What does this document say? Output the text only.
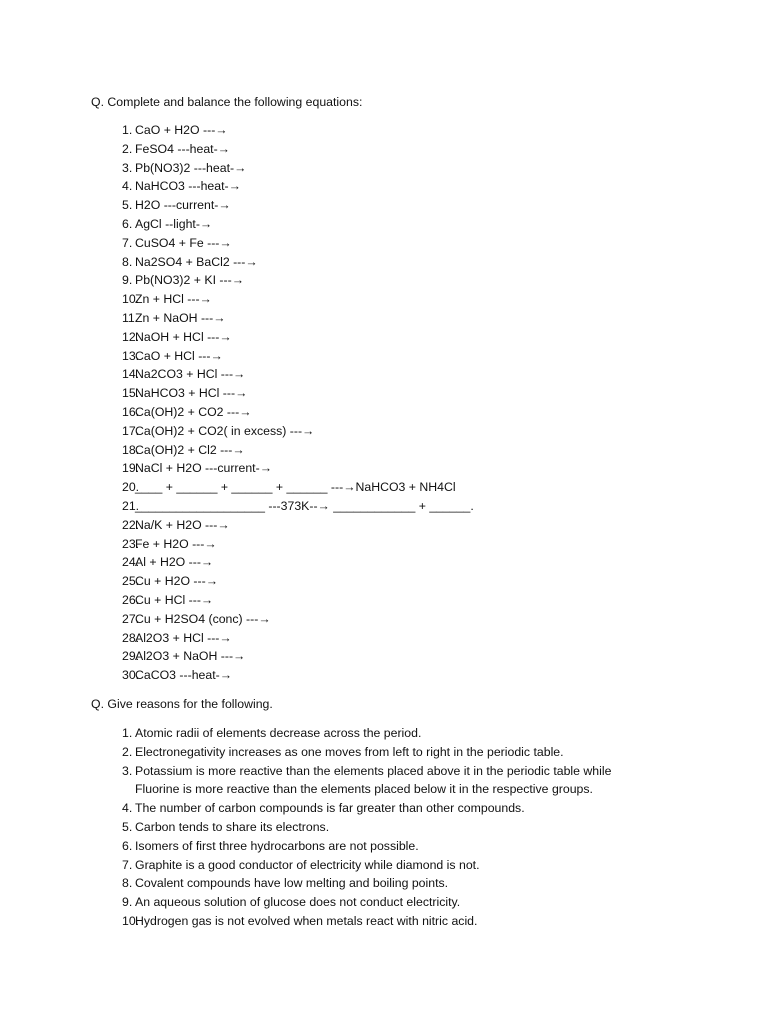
Q. Complete and balance the following equations:

1. CaO + H2O ---→
2. FeSO4 ---heat-→
3. Pb(NO3)2 ---heat-→
4. NaHCO3 ---heat-→
5. H2O ---current-→
6. AgCl --light-→
7. CuSO4 + Fe ---→
8. Na2SO4 + BaCl2 ---→
9. Pb(NO3)2 + KI ---→
10.
Zn + HCl ---→
11.
Zn + NaOH ---→
12.
NaOH + HCl ---→
13.
CaO + HCl ---→
14.
Na2CO3 + HCl ---→
15.
NaHCO3 + HCl ---→
16.
Ca(OH)2 + CO2 ---→
17.
Ca(OH)2 + CO2( in excess) ---→
18.
Ca(OH)2 + Cl2 ---→
19.
NaCl + H2O ---current-→
20.
____ + ______ + ______ + ______ ---→NaHCO3 + NH4Cl
21.
___________________ ---373K--→ ____________ + ______.
22.
Na/K + H2O ---→
23.
Fe + H2O ---→
24.
Al + H2O ---→
25.
Cu + H2O ---→
26.
Cu + HCl ---→
27.
Cu + H2SO4 (conc) ---→
28.
Al2O3 + HCl ---→
29.
Al2O3 + NaOH ---→
30.
CaCO3 ---heat-→

Q. Give reasons for the following.

1. Atomic radii of elements decrease across the period.
2. Electronegativity increases as one moves from left to right in the periodic table.
3. Potassium is more reactive than the elements placed above it in the periodic table while Fluorine is more reactive than the elements placed below it in the respective groups.
4. The number of carbon compounds is far greater than other compounds.
5. Carbon tends to share its electrons.
6. Isomers of first three hydrocarbons are not possible.
7. Graphite is a good conductor of electricity while diamond is not.
8. Covalent compounds have low melting and boiling points.
9. An aqueous solution of glucose does not conduct electricity.
10.
Hydrogen gas is not evolved when metals react with nitric acid.
